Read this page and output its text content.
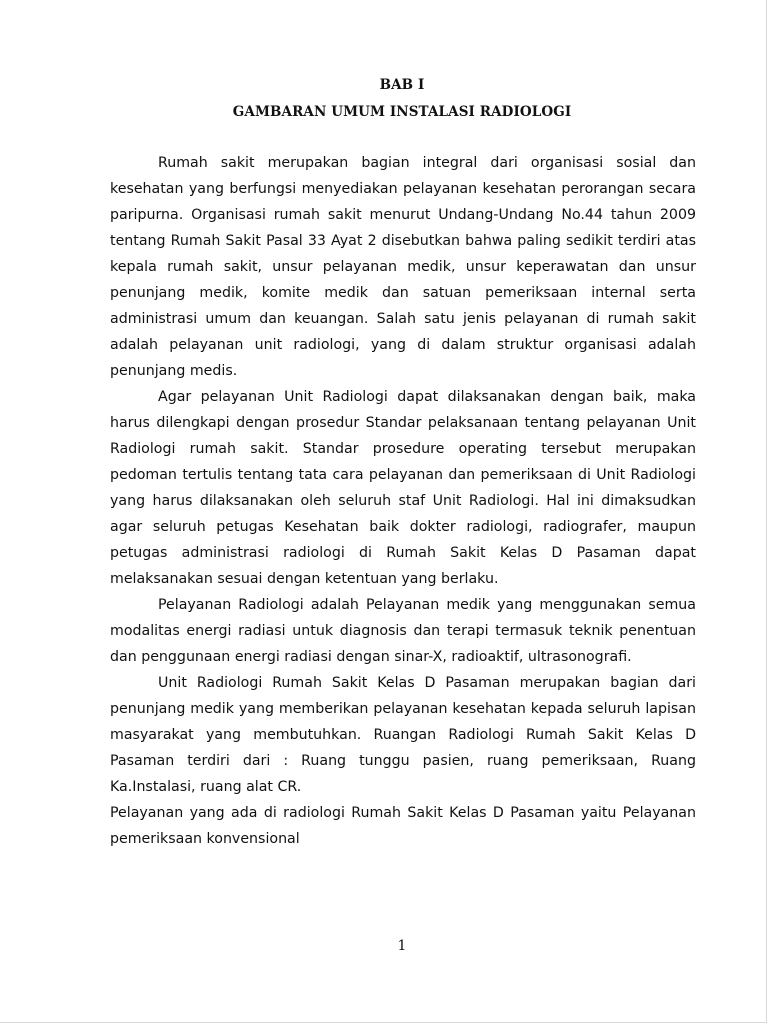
BAB I
GAMBARAN UMUM INSTALASI RADIOLOGI

Rumah sakit merupakan bagian integral dari organisasi sosial dan kesehatan yang berfungsi menyediakan pelayanan kesehatan perorangan secara paripurna. Organisasi rumah sakit menurut Undang-Undang No.44 tahun 2009 tentang Rumah Sakit Pasal 33 Ayat 2 disebutkan bahwa paling sedikit terdiri atas kepala rumah sakit, unsur pelayanan medik, unsur keperawatan dan unsur penunjang medik, komite medik dan satuan pemeriksaan internal serta administrasi umum dan keuangan. Salah satu jenis pelayanan di rumah sakit adalah pelayanan unit radiologi, yang di dalam struktur organisasi adalah penunjang medis.

Agar pelayanan Unit Radiologi dapat dilaksanakan dengan baik, maka harus dilengkapi dengan prosedur Standar pelaksanaan tentang pelayanan Unit Radiologi rumah sakit. Standar prosedure operating tersebut merupakan pedoman tertulis tentang tata cara pelayanan dan pemeriksaan di Unit Radiologi yang harus dilaksanakan oleh seluruh staf Unit Radiologi. Hal ini dimaksudkan agar seluruh petugas Kesehatan baik dokter radiologi, radiografer, maupun petugas administrasi radiologi di Rumah Sakit Kelas D Pasaman dapat melaksanakan sesuai dengan ketentuan yang berlaku.

Pelayanan Radiologi adalah Pelayanan medik yang menggunakan semua modalitas energi radiasi untuk diagnosis dan terapi termasuk teknik penentuan dan penggunaan energi radiasi dengan sinar-X, radioaktif, ultrasonografi.

Unit Radiologi Rumah Sakit Kelas D Pasaman merupakan bagian dari penunjang medik yang memberikan pelayanan kesehatan kepada seluruh lapisan masyarakat yang membutuhkan. Ruangan Radiologi Rumah Sakit Kelas D Pasaman terdiri dari : Ruang tunggu pasien, ruang pemeriksaan, Ruang Ka.Instalasi, ruang alat CR.

Pelayanan yang ada di radiologi Rumah Sakit Kelas D Pasaman yaitu Pelayanan pemeriksaan konvensional

1
